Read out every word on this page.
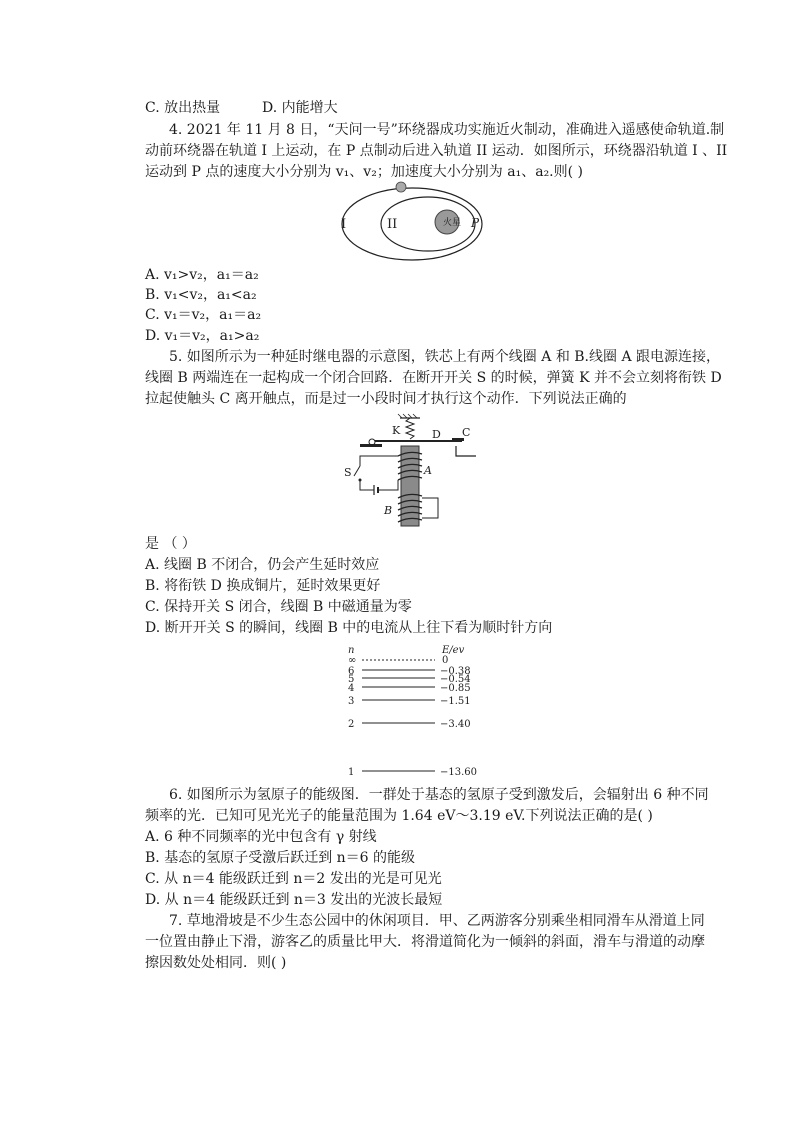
C. 放出热量	D. 内能增大
4. 2021 年 11 月 8 日，“天问一号”环绕器成功实施近火制动，准确进入遥感使命轨道.制
动前环绕器在轨道 I 上运动，在 P 点制动后进入轨道 II 运动．如图所示，环绕器沿轨道 I 、II
运动到 P 点的速度大小分别为 v₁、v₂；加速度大小分别为 a₁、a₂.则( )
火星
I	II	P
A. v₁>v₂，a₁＝a₂
B. v₁<v₂，a₁<a₂
C. v₁＝v₂，a₁＝a₂
D. v₁＝v₂，a₁>a₂
5. 如图所示为一种延时继电器的示意图，铁芯上有两个线圈 A 和 B.线圈 A 跟电源连接，
线圈 B 两端连在一起构成一个闭合回路．在断开开关 S 的时候，弹簧 K 并不会立刻将衔铁 D
拉起使触头 C 离开触点，而是过一小段时间才执行这个动作．下列说法正确的
K	D C
A
B
S
是 （ ）
A. 线圈 B 不闭合，仍会产生延时效应
B. 将衔铁 D 换成铜片，延时效果更好
C. 保持开关 S 闭合，线圈 B 中磁通量为零
D. 断开开关 S 的瞬间，线圈 B 中的电流从上往下看为顺时针方向
n	E/ev
∞	0
6	−0.38
5	−0.54
4	−0.85
3	−1.51
2	−3.40
1	−13.60
6. 如图所示为氢原子的能级图．一群处于基态的氢原子受到激发后，会辐射出 6 种不同
频率的光．已知可见光光子的能量范围为 1.64 eV～3.19 eV.下列说法正确的是( )
A. 6 种不同频率的光中包含有 γ 射线
B. 基态的氢原子受激后跃迁到 n＝6 的能级
C. 从 n＝4 能级跃迁到 n＝2 发出的光是可见光
D. 从 n＝4 能级跃迁到 n＝3 发出的光波长最短
7. 草地滑坡是不少生态公园中的休闲项目．甲、乙两游客分别乘坐相同滑车从滑道上同
一位置由静止下滑，游客乙的质量比甲大．将滑道简化为一倾斜的斜面，滑车与滑道的动摩
擦因数处处相同．则( )
